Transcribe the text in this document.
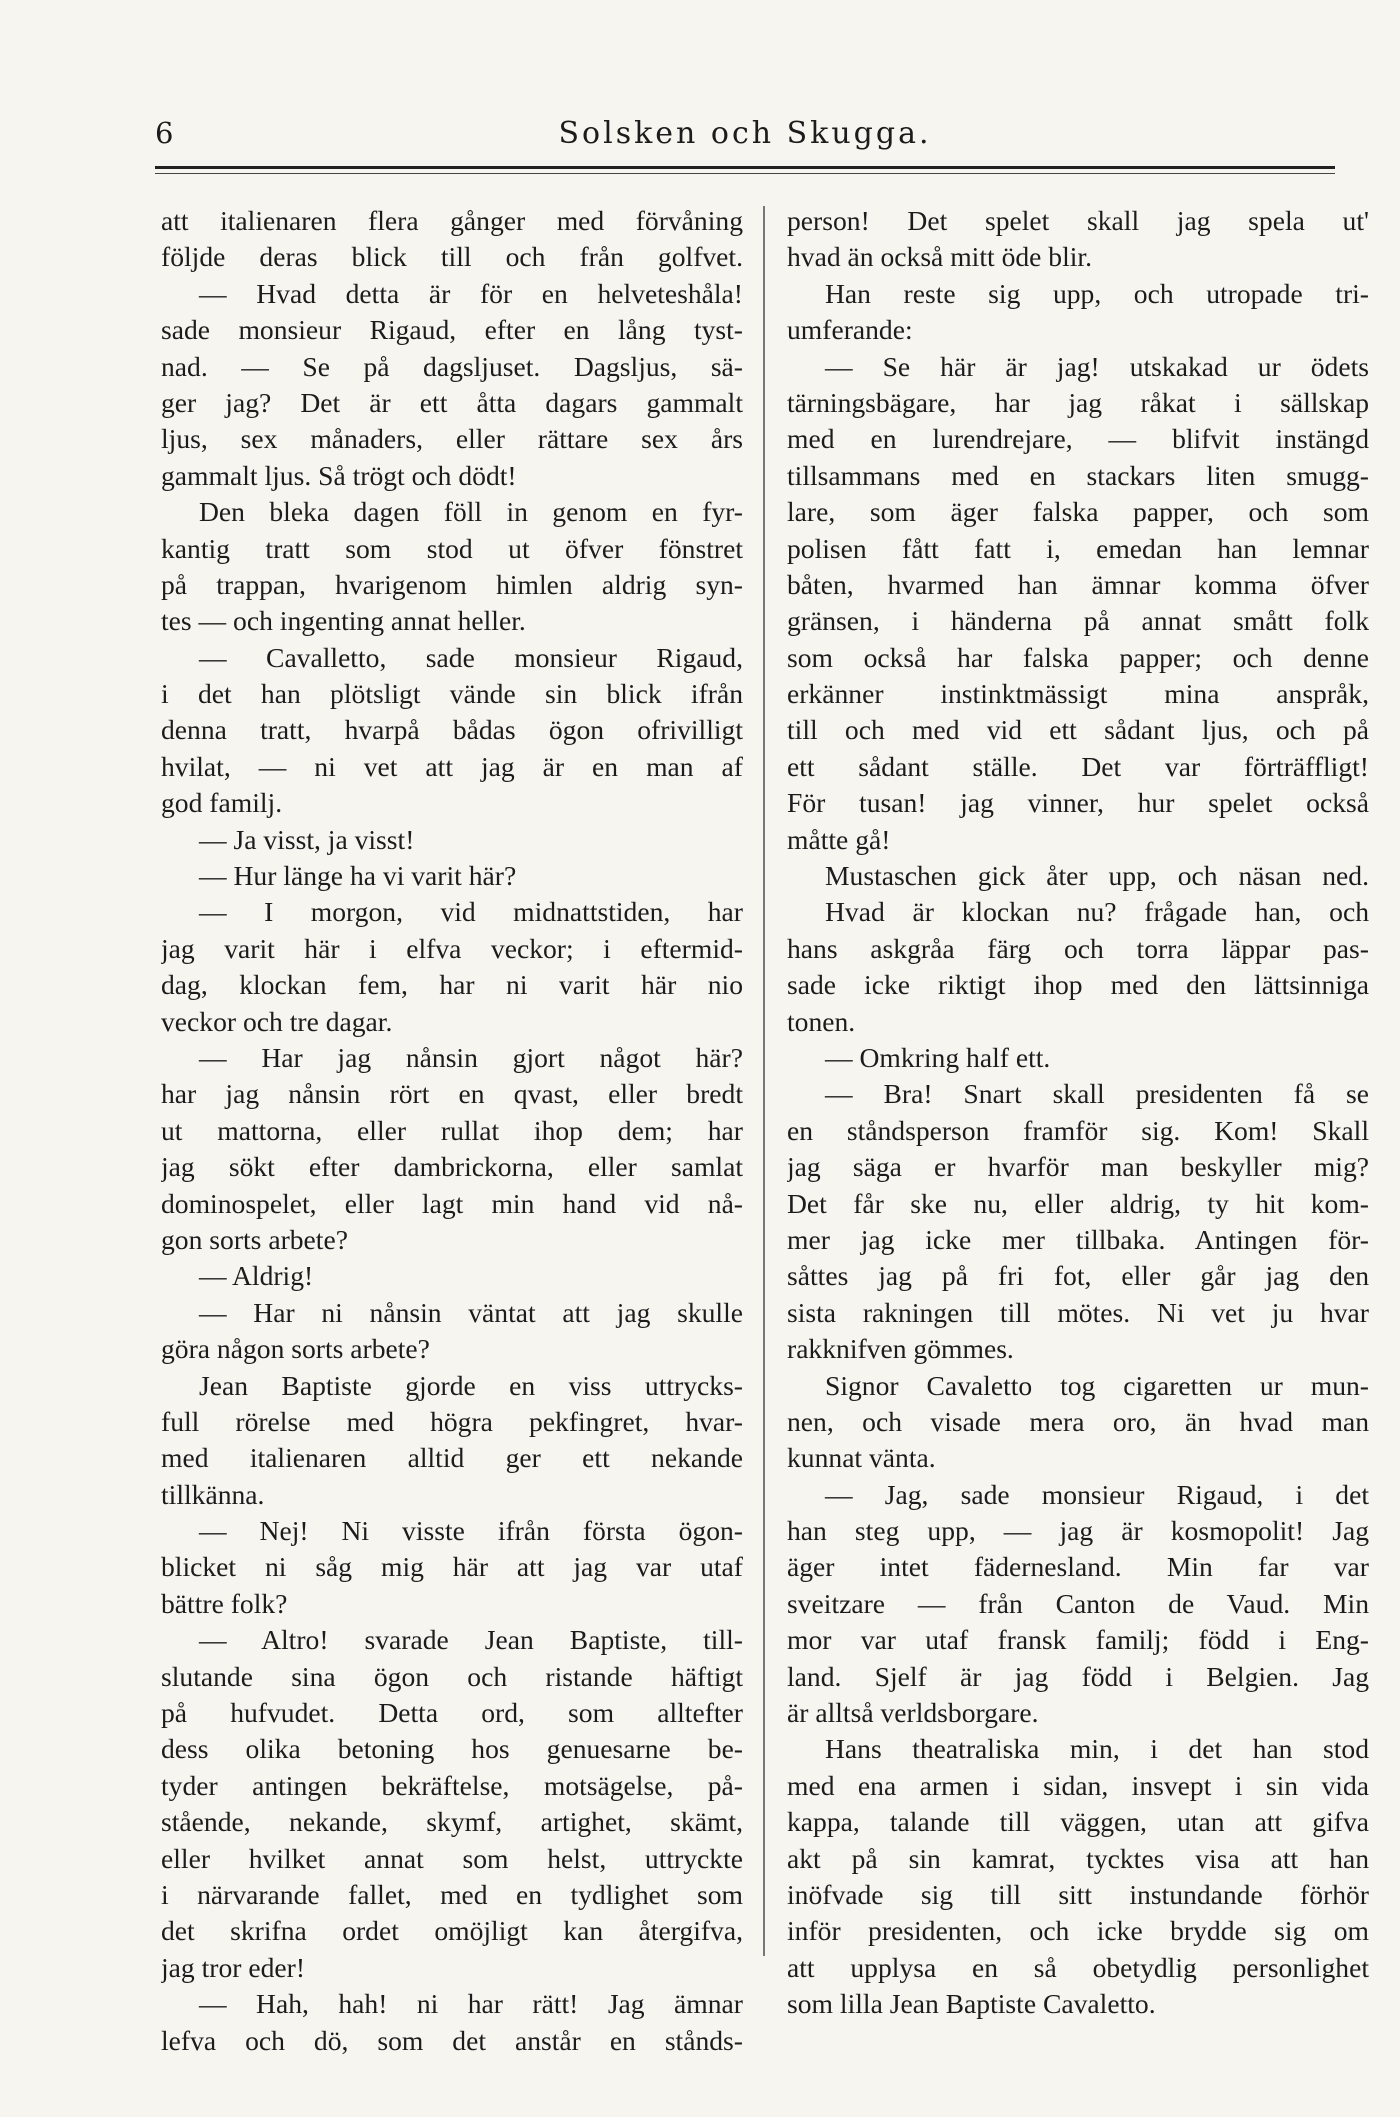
6	Solsken och Skugga.
att italienaren flera gånger med förvåning
följde deras blick till och från golfvet.
— Hvad detta är för en helveteshåla!
sade monsieur Rigaud, efter en lång tyst-
nad. — Se på dagsljuset. Dagsljus, sä-
ger jag? Det är ett åtta dagars gammalt
ljus, sex månaders, eller rättare sex års
gammalt ljus. Så trögt och dödt!
Den bleka dagen föll in genom en fyr-
kantig tratt som stod ut öfver fönstret
på trappan, hvarigenom himlen aldrig syn-
tes — och ingenting annat heller.
— Cavalletto, sade monsieur Rigaud,
i det han plötsligt vände sin blick ifrån
denna tratt, hvarpå bådas ögon ofrivilligt
hvilat, — ni vet att jag är en man af
god familj.
— Ja visst, ja visst!
— Hur länge ha vi varit här?
— I morgon, vid midnattstiden, har
jag varit här i elfva veckor; i eftermid-
dag, klockan fem, har ni varit här nio
veckor och tre dagar.
— Har jag nånsin gjort något här?
har jag nånsin rört en qvast, eller bredt
ut mattorna, eller rullat ihop dem; har
jag sökt efter dambrickorna, eller samlat
dominospelet, eller lagt min hand vid nå-
gon sorts arbete?
— Aldrig!
— Har ni nånsin väntat att jag skulle
göra någon sorts arbete?
Jean Baptiste gjorde en viss uttrycks-
full rörelse med högra pekfingret, hvar-
med italienaren alltid ger ett nekande
tillkänna.
— Nej! Ni visste ifrån första ögon-
blicket ni såg mig här att jag var utaf
bättre folk?
— Altro! svarade Jean Baptiste, till-
slutande sina ögon och ristande häftigt
på hufvudet. Detta ord, som alltefter
dess olika betoning hos genuesarne be-
tyder antingen bekräftelse, motsägelse, på-
stående, nekande, skymf, artighet, skämt,
eller hvilket annat som helst, uttryckte
i närvarande fallet, med en tydlighet som
det skrifna ordet omöjligt kan återgifva,
jag tror eder!
— Hah, hah! ni har rätt! Jag ämnar
lefva och dö, som det anstår en stånds-
person! Det spelet skall jag spela ut'
hvad än också mitt öde blir.
Han reste sig upp, och utropade tri-
umferande:
— Se här är jag! utskakad ur ödets
tärningsbägare, har jag råkat i sällskap
med en lurendrejare, — blifvit instängd
tillsammans med en stackars liten smugg-
lare, som äger falska papper, och som
polisen fått fatt i, emedan han lemnar
båten, hvarmed han ämnar komma öfver
gränsen, i händerna på annat smått folk
som också har falska papper; och denne
erkänner instinktmässigt mina anspråk,
till och med vid ett sådant ljus, och på
ett sådant ställe. Det var förträffligt!
För tusan! jag vinner, hur spelet också
måtte gå!
Mustaschen gick åter upp, och näsan ned.
Hvad är klockan nu? frågade han, och
hans askgråa färg och torra läppar pas-
sade icke riktigt ihop med den lättsinniga
tonen.
— Omkring half ett.
— Bra! Snart skall presidenten få se
en ståndsperson framför sig. Kom! Skall
jag säga er hvarför man beskyller mig?
Det får ske nu, eller aldrig, ty hit kom-
mer jag icke mer tillbaka. Antingen för-
såttes jag på fri fot, eller går jag den
sista rakningen till mötes. Ni vet ju hvar
rakknifven gömmes.
Signor Cavaletto tog cigaretten ur mun-
nen, och visade mera oro, än hvad man
kunnat vänta.
— Jag, sade monsieur Rigaud, i det
han steg upp, — jag är kosmopolit! Jag
äger intet fädernesland. Min far var
sveitzare — från Canton de Vaud. Min
mor var utaf fransk familj; född i Eng-
land. Sjelf är jag född i Belgien. Jag
är alltså verldsborgare.
Hans theatraliska min, i det han stod
med ena armen i sidan, insvept i sin vida
kappa, talande till väggen, utan att gifva
akt på sin kamrat, tycktes visa att han
inöfvade sig till sitt instundande förhör
inför presidenten, och icke brydde sig om
att upplysa en så obetydlig personlighet
som lilla Jean Baptiste Cavaletto.
